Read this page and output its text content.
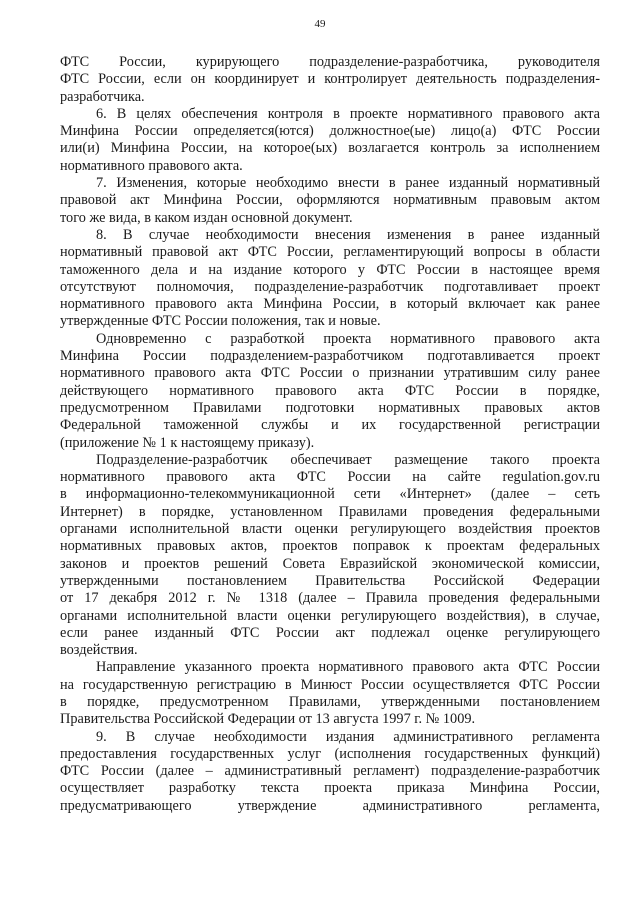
49
ФТС России, курирующего подразделение-разработчика, руководителя
ФТС России, если он координирует и контролирует деятельность подразделения-
разработчика.
6. В целях обеспечения контроля в проекте нормативного правового акта
Минфина России определяется(ются) должностное(ые) лицо(а) ФТС России
или(и) Минфина России, на которое(ых) возлагается контроль за исполнением
нормативного правового акта.
7. Изменения, которые необходимо внести в ранее изданный нормативный
правовой акт Минфина России, оформляются нормативным правовым актом
того же вида, в каком издан основной документ.
8. В случае необходимости внесения изменения в ранее изданный
нормативный правовой акт ФТС России, регламентирующий вопросы в области
таможенного дела и на издание которого у ФТС России в настоящее время
отсутствуют полномочия, подразделение-разработчик подготавливает проект
нормативного правового акта Минфина России, в который включает как ранее
утвержденные ФТС России положения, так и новые.
Одновременно с разработкой проекта нормативного правового акта
Минфина России подразделением-разработчиком подготавливается проект
нормативного правового акта ФТС России о признании утратившим силу ранее
действующего нормативного правового акта ФТС России в порядке,
предусмотренном Правилами подготовки нормативных правовых актов
Федеральной таможенной службы и их государственной регистрации
(приложение № 1 к настоящему приказу).
Подразделение-разработчик обеспечивает размещение такого проекта
нормативного правового акта ФТС России на сайте regulation.gov.ru
в информационно-телекоммуникационной сети «Интернет» (далее – сеть
Интернет) в порядке, установленном Правилами проведения федеральными
органами исполнительной власти оценки регулирующего воздействия проектов
нормативных правовых актов, проектов поправок к проектам федеральных
законов и проектов решений Совета Евразийской экономической комиссии,
утвержденными постановлением Правительства Российской Федерации
от 17 декабря 2012 г. № 1318 (далее – Правила проведения федеральными
органами исполнительной власти оценки регулирующего воздействия), в случае,
если ранее изданный ФТС России акт подлежал оценке регулирующего
воздействия.
Направление указанного проекта нормативного правового акта ФТС России
на государственную регистрацию в Минюст России осуществляется ФТС России
в порядке, предусмотренном Правилами, утвержденными постановлением
Правительства Российской Федерации от 13 августа 1997 г. № 1009.
9. В случае необходимости издания административного регламента
предоставления государственных услуг (исполнения государственных функций)
ФТС России (далее – административный регламент) подразделение-разработчик
осуществляет разработку текста проекта приказа Минфина России,
предусматривающего утверждение административного регламента,
